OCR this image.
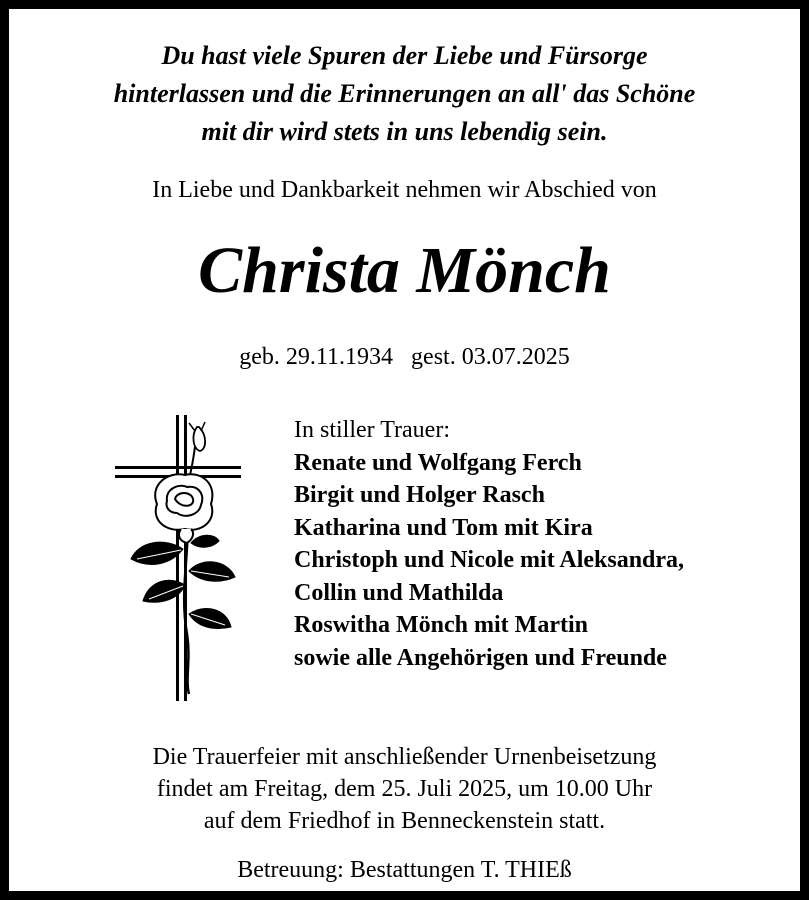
Du hast viele Spuren der Liebe und Fürsorge
hinterlassen und die Erinnerungen an all' das Schöne
mit dir wird stets in uns lebendig sein.
In Liebe und Dankbarkeit nehmen wir Abschied von
Christa Mönch
geb. 29.11.1934   gest. 03.07.2025
In stiller Trauer:
Renate und Wolfgang Ferch
Birgit und Holger Rasch
Katharina und Tom mit Kira
Christoph und Nicole mit Aleksandra,
Collin und Mathilda
Roswitha Mönch mit Martin
sowie alle Angehörigen und Freunde
Die Trauerfeier mit anschließender Urnenbeisetzung
findet am Freitag, dem 25. Juli 2025, um 10.00 Uhr
auf dem Friedhof in Benneckenstein statt.
Betreuung: Bestattungen T. THIEß
